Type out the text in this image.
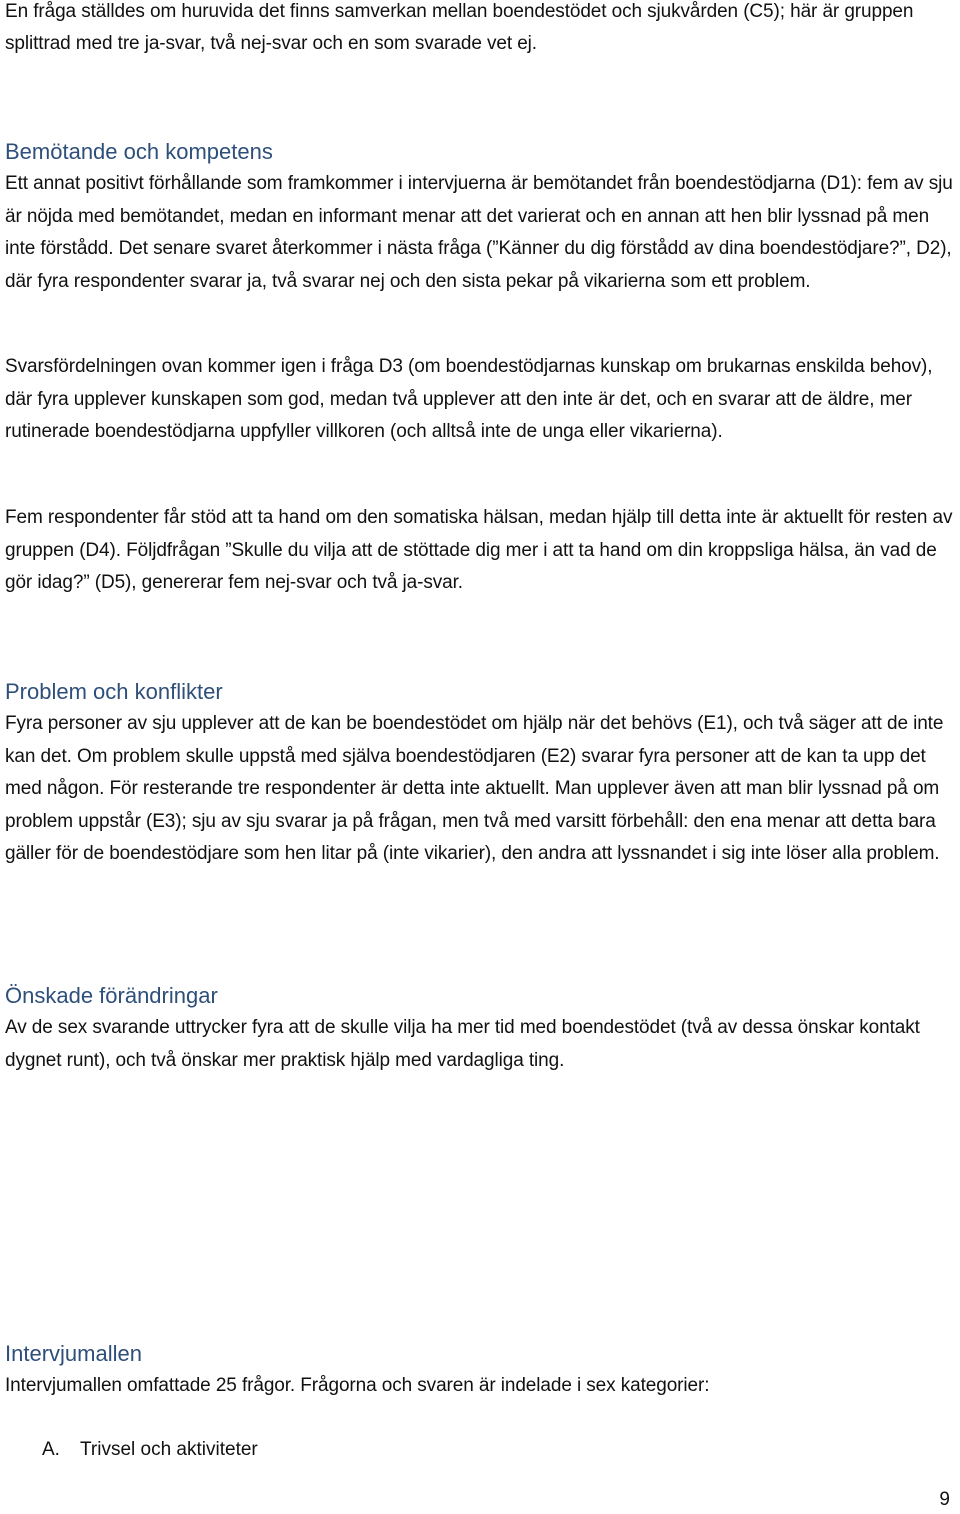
En fråga ställdes om huruvida det finns samverkan mellan boendestödet och sjukvården (C5); här är gruppen splittrad med tre ja-svar, två nej-svar och en som svarade vet ej.

Bemötande och kompetens

Ett annat positivt förhållande som framkommer i intervjuerna är bemötandet från boendestödjarna (D1): fem av sju är nöjda med bemötandet, medan en informant menar att det varierat och en annan att hen blir lyssnad på men inte förstådd. Det senare svaret återkommer i nästa fråga (”Känner du dig förstådd av dina boendestödjare?”, D2), där fyra respondenter svarar ja, två svarar nej och den sista pekar på vikarierna som ett problem.

Svarsfördelningen ovan kommer igen i fråga D3 (om boendestödjarnas kunskap om brukarnas enskilda behov), där fyra upplever kunskapen som god, medan två upplever att den inte är det, och en svarar att de äldre, mer rutinerade boendestödjarna uppfyller villkoren (och alltså inte de unga eller vikarierna).

Fem respondenter får stöd att ta hand om den somatiska hälsan, medan hjälp till detta inte är aktuellt för resten av gruppen (D4). Följdfrågan ”Skulle du vilja att de stöttade dig mer i att ta hand om din kroppsliga hälsa, än vad de gör idag?” (D5), genererar fem nej-svar och två ja-svar.

Problem och konflikter

Fyra personer av sju upplever att de kan be boendestödet om hjälp när det behövs (E1), och två säger att de inte kan det. Om problem skulle uppstå med själva boendestödjaren (E2) svarar fyra personer att de kan ta upp det med någon. För resterande tre respondenter är detta inte aktuellt. Man upplever även att man blir lyssnad på om problem uppstår (E3); sju av sju svarar ja på frågan, men två med varsitt förbehåll: den ena menar att detta bara gäller för de boendestödjare som hen litar på (inte vikarier), den andra att lyssnandet i sig inte löser alla problem.

Önskade förändringar

Av de sex svarande uttrycker fyra att de skulle vilja ha mer tid med boendestödet (två av dessa önskar kontakt dygnet runt), och två önskar mer praktisk hjälp med vardagliga ting.

Intervjumallen

Intervjumallen omfattade 25 frågor. Frågorna och svaren är indelade i sex kategorier:

A. Trivsel och aktiviteter
9
